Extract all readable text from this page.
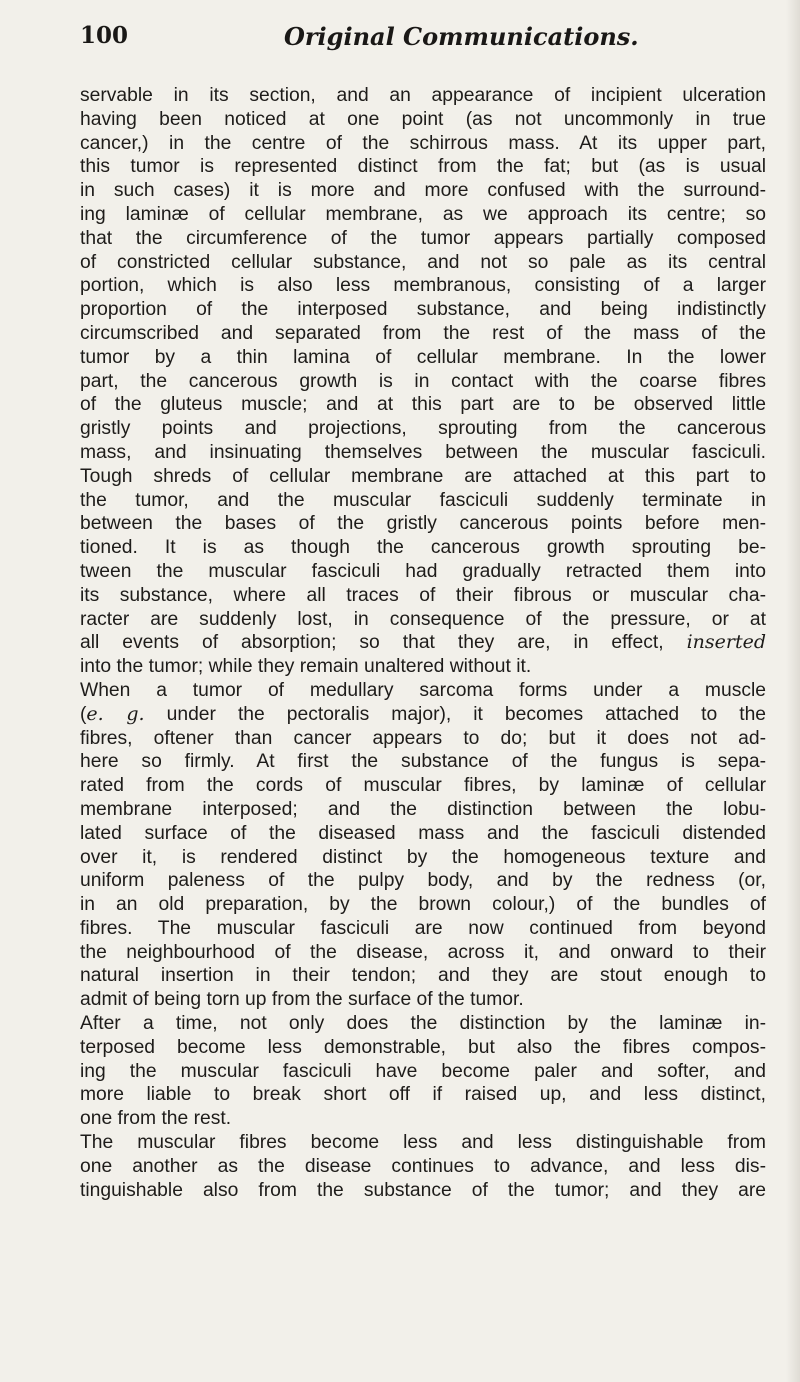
100	Original Communications.
servable in its section, and an appearance of incipient ulceration
having been noticed at one point (as not uncommonly in true
cancer,) in the centre of the schirrous mass. At its upper part,
this tumor is represented distinct from the fat; but (as is usual
in such cases) it is more and more confused with the surround-
ing laminæ of cellular membrane, as we approach its centre; so
that the circumference of the tumor appears partially composed
of constricted cellular substance, and not so pale as its central
portion, which is also less membranous, consisting of a larger
proportion of the interposed substance, and being indistinctly
circumscribed and separated from the rest of the mass of the
tumor by a thin lamina of cellular membrane. In the lower
part, the cancerous growth is in contact with the coarse fibres
of the gluteus muscle; and at this part are to be observed little
gristly points and projections, sprouting from the cancerous
mass, and insinuating themselves between the muscular fasciculi.
Tough shreds of cellular membrane are attached at this part to
the tumor, and the muscular fasciculi suddenly terminate in
between the bases of the gristly cancerous points before men-
tioned. It is as though the cancerous growth sprouting be-
tween the muscular fasciculi had gradually retracted them into
its substance, where all traces of their fibrous or muscular cha-
racter are suddenly lost, in consequence of the pressure, or at
all events of absorption; so that they are, in effect, inserted
into the tumor; while they remain unaltered without it.
When a tumor of medullary sarcoma forms under a muscle
(e. g. under the pectoralis major), it becomes attached to the
fibres, oftener than cancer appears to do; but it does not ad-
here so firmly. At first the substance of the fungus is sepa-
rated from the cords of muscular fibres, by laminæ of cellular
membrane interposed; and the distinction between the lobu-
lated surface of the diseased mass and the fasciculi distended
over it, is rendered distinct by the homogeneous texture and
uniform paleness of the pulpy body, and by the redness (or,
in an old preparation, by the brown colour,) of the bundles of
fibres. The muscular fasciculi are now continued from beyond
the neighbourhood of the disease, across it, and onward to their
natural insertion in their tendon; and they are stout enough to
admit of being torn up from the surface of the tumor.
After a time, not only does the distinction by the laminæ in-
terposed become less demonstrable, but also the fibres compos-
ing the muscular fasciculi have become paler and softer, and
more liable to break short off if raised up, and less distinct,
one from the rest.
The muscular fibres become less and less distinguishable from
one another as the disease continues to advance, and less dis-
tinguishable also from the substance of the tumor; and they are
